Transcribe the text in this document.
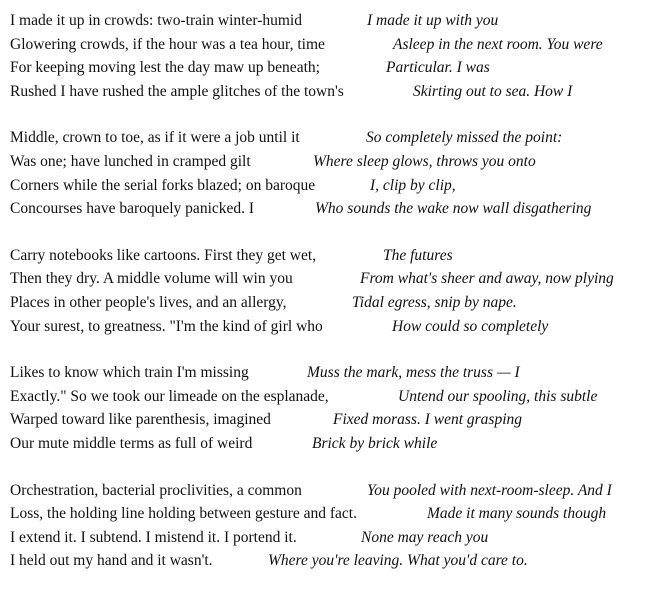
I made it up in crowds: two-train winter-humid	I made it up with you
Glowering crowds, if the hour was a tea hour, time	Asleep in the next room. You were
For keeping moving lest the day maw up beneath;	Particular. I was
Rushed I have rushed the ample glitches of the town's	Skirting out to sea. How I
Middle, crown to toe, as if it were a job until it	So completely missed the point:
Was one; have lunched in cramped gilt	Where sleep glows, throws you onto
Corners while the serial forks blazed; on baroque	I, clip by clip,
Concourses have baroquely panicked. I	Who sounds the wake now wall disgathering
Carry notebooks like cartoons. First they get wet,	The futures
Then they dry. A middle volume will win you	From what's sheer and away, now plying
Places in other people's lives, and an allergy,	Tidal egress, snip by nape.
Your surest, to greatness. "I'm the kind of girl who	How could so completely
Likes to know which train I'm missing	Muss the mark, mess the truss — I
Exactly." So we took our limeade on the esplanade,	Untend our spooling, this subtle
Warped toward like parenthesis, imagined	Fixed morass. I went grasping
Our mute middle terms as full of weird	Brick by brick while
Orchestration, bacterial proclivities, a common	You pooled with next-room-sleep. And I
Loss, the holding line holding between gesture and fact.	Made it many sounds though
I extend it. I subtend. I mistend it. I portend it.	None may reach you
I held out my hand and it wasn't.	Where you're leaving. What you'd care to.
